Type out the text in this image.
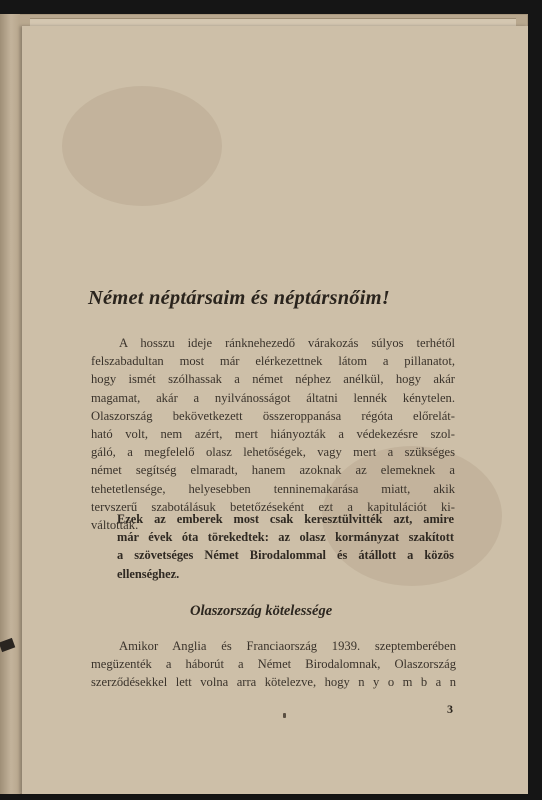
Német néptársaim és néptársnőim!
A hosszu ideje ránknehezedő várakozás súlyos terhétől
felszabadultan most már elérkezettnek látom a pillanatot,
hogy ismét szólhassak a német néphez anélkül, hogy akár
magamat, akár a nyilvánosságot áltatni lennék kénytelen.
Olaszország bekövetkezett összeroppanása régóta előrelát-
ható volt, nem azért, mert hiányozták a védekezésre szol-
gáló, a megfelelő olasz lehetőségek, vagy mert a szükséges
német segítség elmaradt, hanem azoknak az elemeknek a
tehetetlensége, helyesebben tenninemakarása miatt, akik
tervszerű szabotálásuk betetőzéseként ezt a kapitulációt ki-
váltották.
Ezek az emberek most csak keresztülvitték azt, amire
már évek óta törekedtek: az olasz kormányzat szakított
a szövetséges Német Birodalommal és átállott a közös
ellenséghez.
Olaszország kötelessége
Amikor Anglia és Franciaország 1939. szeptemberében
megüzenték a háborút a Német Birodalomnak, Olaszország
szerződésekkel lett volna arra kötelezve, hogy n y o m b a n
3
